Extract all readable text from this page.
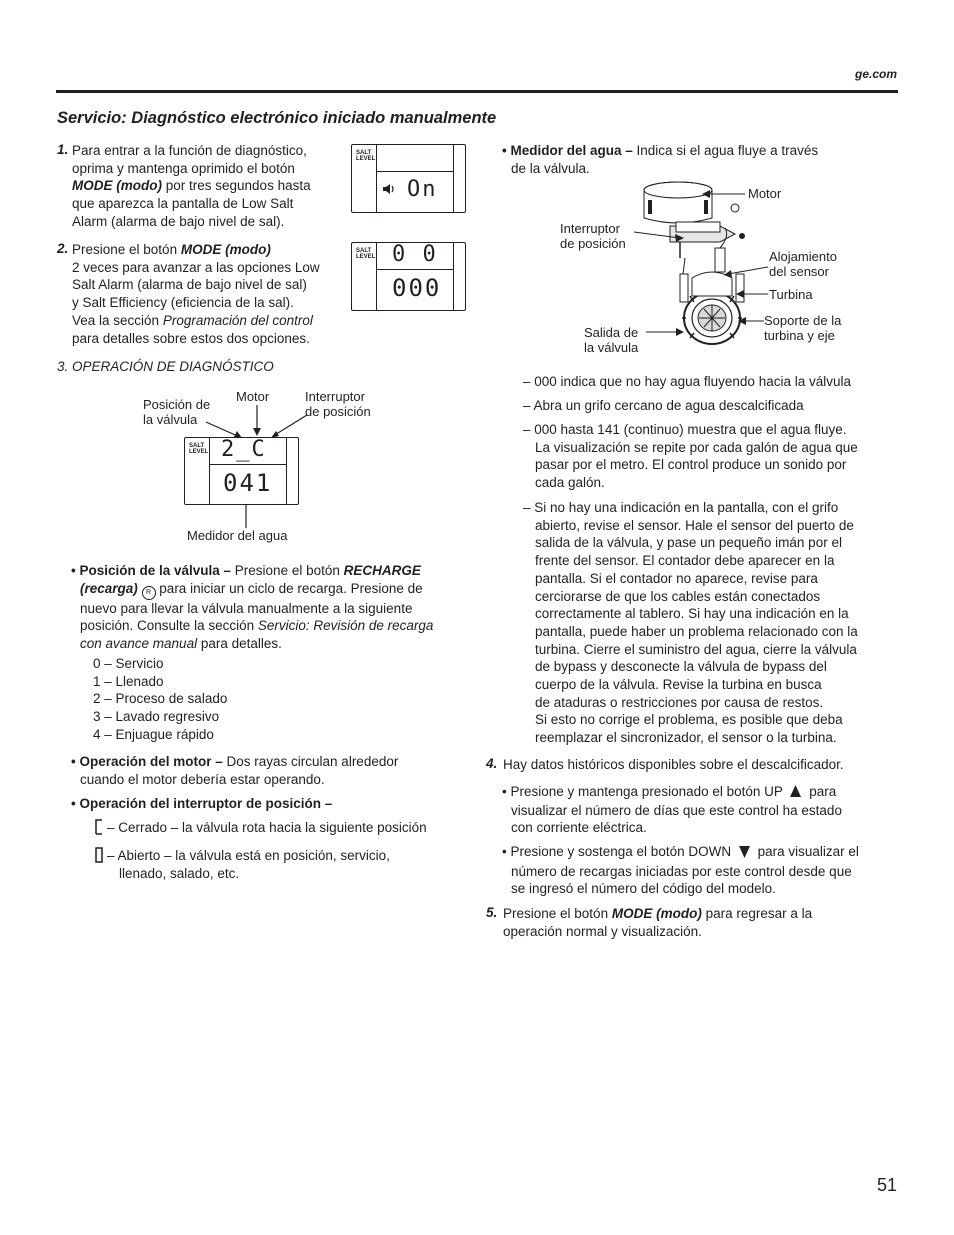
ge.com
Servicio: Diagnóstico electrónico iniciado manualmente
1. Para entrar a la función de diagnóstico,

oprima y mantenga oprimido el botón

MODE (modo) por tres segundos hasta

que aparezca la pantalla de Low Salt

Alarm (alarma de bajo nivel de sal).

SALT
LEVEL
On
2. Presione el botón MODE (modo)

2 veces para avanzar a las opciones Low

Salt Alarm (alarma de bajo nivel de sal)

y Salt Efficiency (eficiencia de la sal).

Vea la sección Programación del control

para detalles sobre estos dos opciones.

SALT
LEVEL 0 0
000
3. OPERACIÓN DE DIAGNÓSTICO
Posición de
la válvula
Motor	Interruptor
de posición
SALT
LEVEL 2_C
041
Medidor del agua

• Posición de la válvula – Presione el botón RECHARGE

(recarga) R para iniciar un ciclo de recarga. Presione de

nuevo para llevar la válvula manualmente a la siguiente

posición. Consulte la sección Servicio: Revisión de recarga

con avance manual para detalles.

0 – Servicio

1 – Llenado

2 – Proceso de salado

3 – Lavado regresivo

4 – Enjuague rápido

• Operación del motor – Dos rayas circulan alrededor

cuando el motor debería estar operando.

• Operación del interruptor de posición –
– Cerrado – la válvula rota hacia la siguiente posición

– Abierto – la válvula está en posición, servicio,

llenado, salado, etc.

• Medidor del agua – Indica si el agua fluye a través

de la válvula.

Motor
Interruptor
de posición
Alojamiento
del sensor
Turbina
Soporte de la
turbina y eje
Salida de
la válvula
– 000 indica que no hay agua fluyendo hacia la válvula
– Abra un grifo cercano de agua descalcificada

– 000 hasta 141 (continuo) muestra que el agua fluye.

La visualización se repite por cada galón de agua que

pasar por el metro. El control produce un sonido por

cada galón.

– Si no hay una indicación en la pantalla, con el grifo

abierto, revise el sensor. Hale el sensor del puerto de

salida de la válvula, y pase un pequeño imán por el

frente del sensor. El contador debe aparecer en la

pantalla. Si el contador no aparece, revise para

cerciorarse de que los cables están conectados

correctamente al tablero. Si hay una indicación en la

pantalla, puede haber un problema relacionado con la

turbina. Cierre el suministro del agua, cierre la válvula

de bypass y desconecte la válvula de bypass del

cuerpo de la válvula. Revise la turbina en busca

de ataduras o restricciones por causa de restos.

Si esto no corrige el problema, es posible que deba

reemplazar el sincronizador, el sensor o la turbina.

4. Hay datos históricos disponibles sobre el descalcificador.

• Presione y mantenga presionado el botón UP para

visualizar el número de días que este control ha estado

con corriente eléctrica.

• Presione y sostenga el botón DOWN para visualizar el

número de recargas iniciadas por este control desde que

se ingresó el número del código del modelo.

5. Presione el botón MODE (modo) para regresar a la

operación normal y visualización.

51
